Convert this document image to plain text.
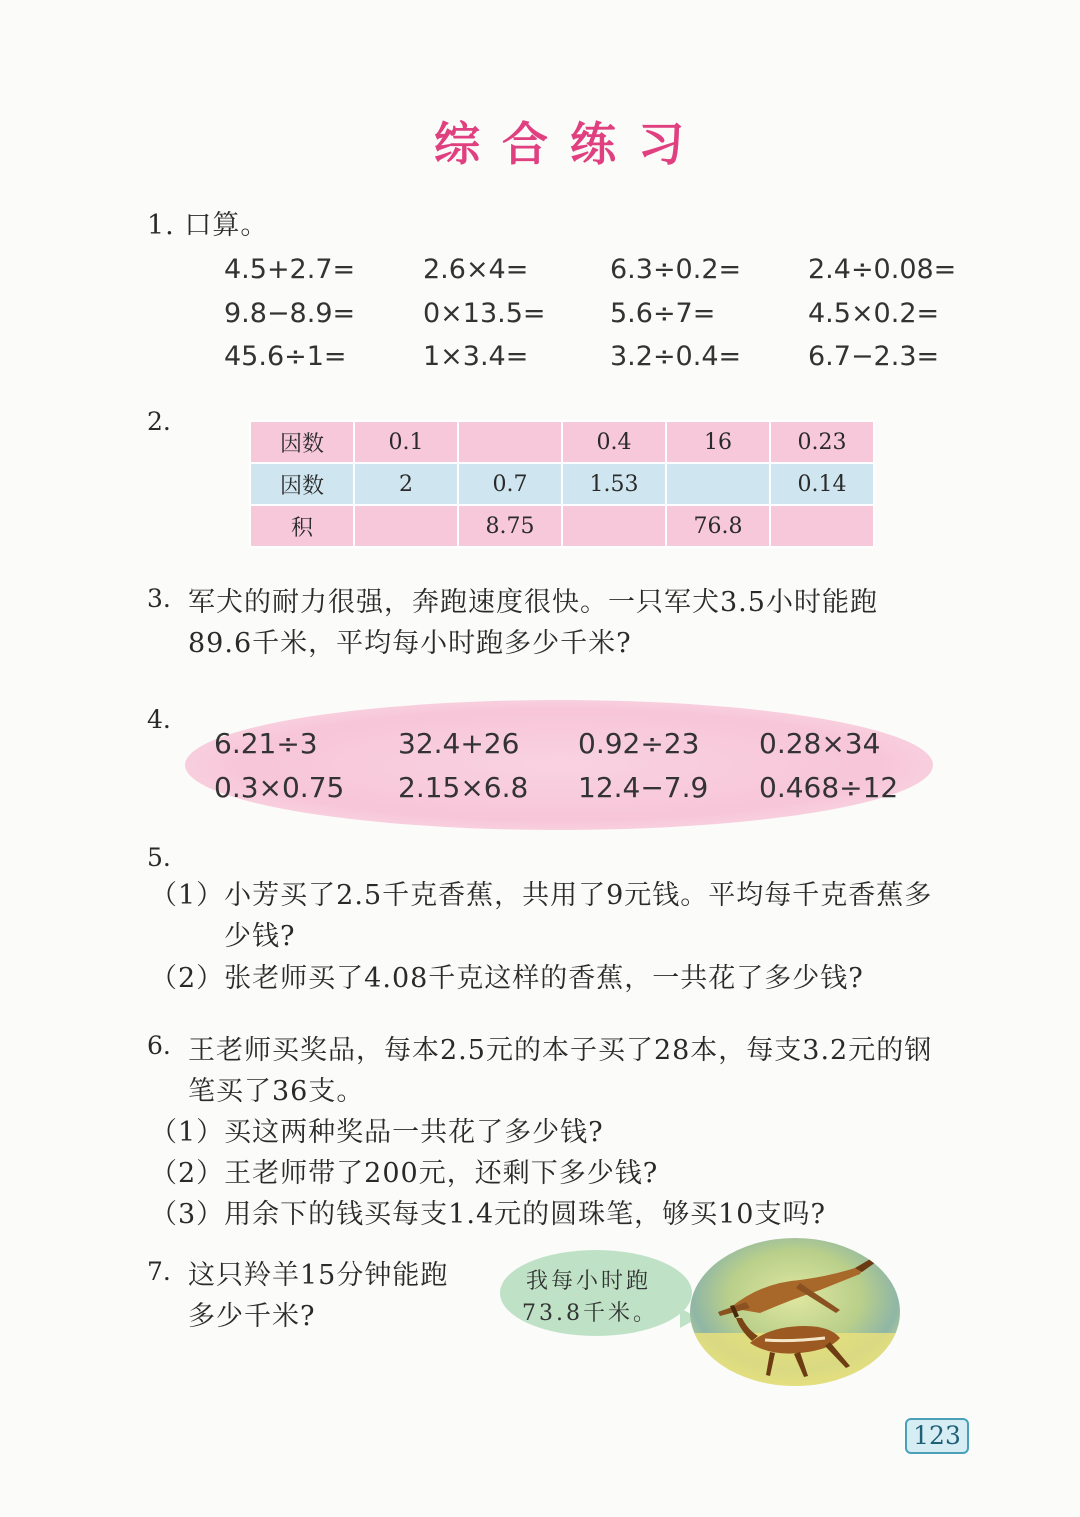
综合练习
1. 口算。
4.5+2.7=	2.6×4=	6.3÷0.2= 2.4÷0.08=
9.8−8.9=	0×13.5= 5.6÷7=	4.5×0.2=
45.6÷1=	1×3.4=	3.2÷0.4= 6.7−2.3=
2.
因数	0.1		0.4	16	0.23
因数	2	0.7	1.53		0.14
积		8.75		76.8	
3. 军犬的耐力很强，奔跑速度很快。一只军犬3.5小时能跑
89.6千米，平均每小时跑多少千米?
4.
6.21÷3	32.4+26 0.92÷23 0.28×34
0.3×0.75 2.15×6.8 12.4−7.9 0.468÷12
5.
（1）小芳买了2.5千克香蕉，共用了9元钱。平均每千克香蕉多
少钱?
（2）张老师买了4.08千克这样的香蕉，一共花了多少钱?
6. 王老师买奖品，每本2.5元的本子买了28本，每支3.2元的钢
笔买了36支。
（1）买这两种奖品一共花了多少钱?
（2）王老师带了200元，还剩下多少钱?
（3）用余下的钱买每支1.4元的圆珠笔，够买10支吗?
7. 这只羚羊15分钟能跑
多少千米?
我每小时跑
73.8千米。
123
